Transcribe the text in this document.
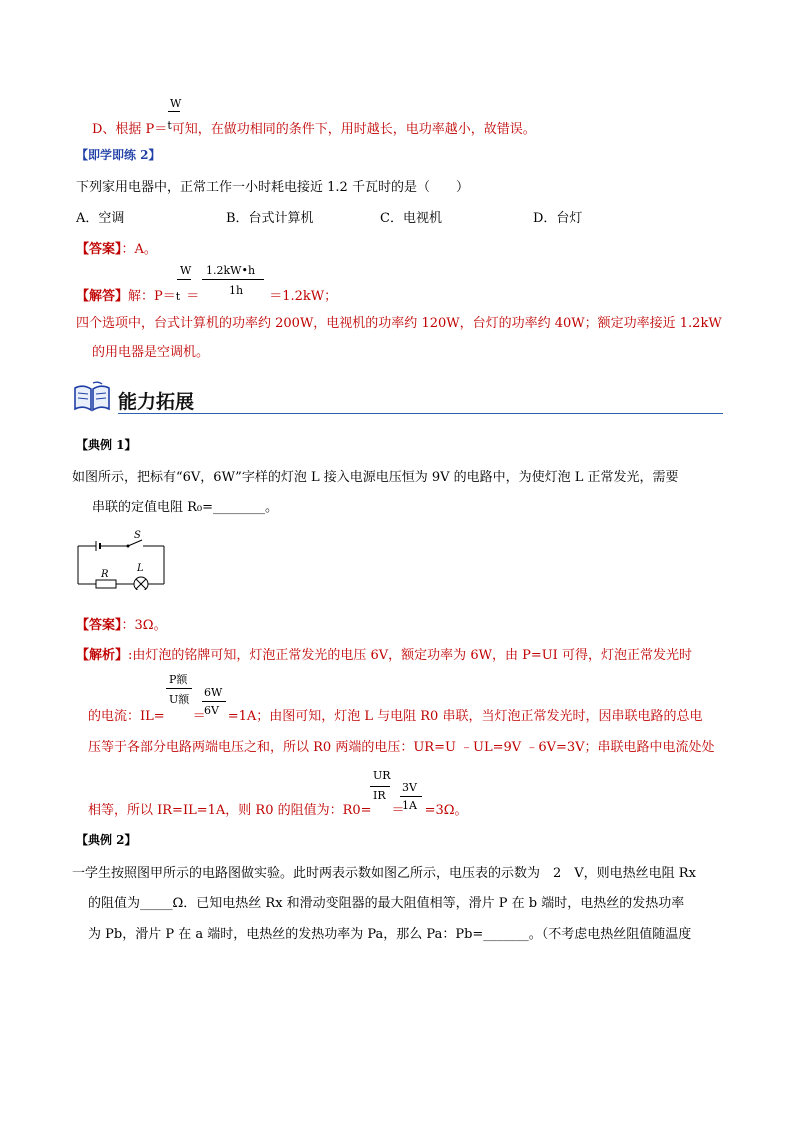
W
D、根据 P＝$^t$可知，在做功相同的条件下，用时越长，电功率越小，故错误。
【即学即练 2】
下列家用电器中，正常工作一小时耗电接近 1.2 千瓦时的是（　　）
A．空调	B．台式计算机	C．电视机	D．台灯
【答案】：A。
W 1.2kW•h
1h
【解答】解：P＝t ＝	＝1.2kW；
四个选项中，台式计算机的功率约 200W，电视机的功率约 120W，台灯的功率约 40W；额定功率接近 1.2kW
的用电器是空调机。
能力拓展
【典例 1】
如图所示，把标有“6V，6W”字样的灯泡 L 接入电源电压恒为 9V 的电路中，为使灯泡 L 正常发光，需要
串联的定值电阻 R₀=________。
S
R
L
【答案】：3Ω。
【解析】:由灯泡的铭牌可知，灯泡正常发光的电压 6V，额定功率为 6W，由 P=UI 可得，灯泡正常发光时
P额
U额
6W
6V
的电流：IL= ＝ =1A；由图可知，灯泡 L 与电阻 R0 串联，当灯泡正常发光时，因串联电路的总电
压等于各部分电路两端电压之和，所以 R0 两端的电压：UR=U ﹣UL=9V ﹣6V=3V；串联电路中电流处处
UR
IR
3V
1A
相等，所以 IR=IL=1A，则 R0 的阻值为：R0= ＝ =3Ω。
【典例 2】
一学生按照图甲所示的电路图做实验。此时两表示数如图乙所示，电压表的示数为　2　V，则电热丝电阻 Rx
的阻值为_____Ω．已知电热丝 Rx 和滑动变阻器的最大阻值相等，滑片 P 在 b 端时，电热丝的发热功率
为 Pb，滑片 P 在 a 端时，电热丝的发热功率为 Pa，那么 Pa：Pb=_______。（不考虑电热丝阻值随温度
